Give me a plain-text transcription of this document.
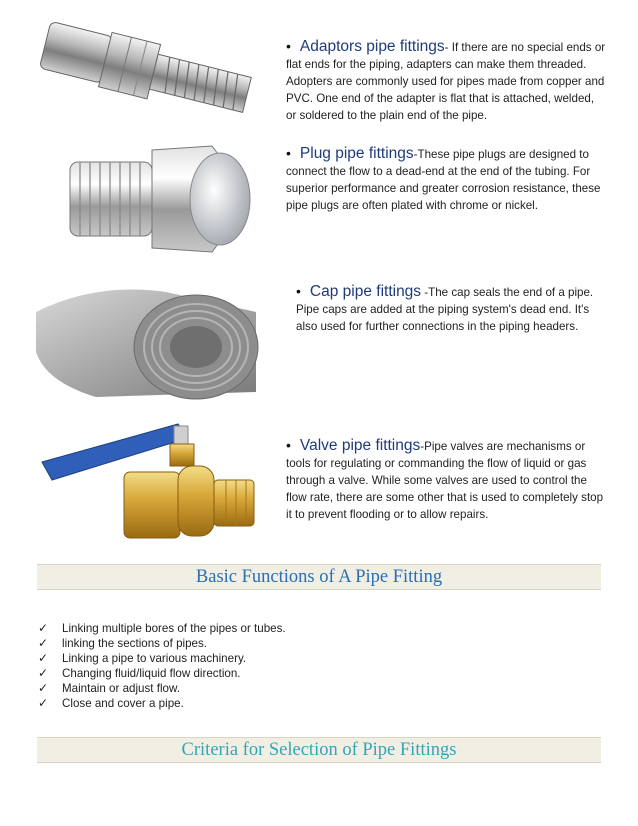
• Adaptors pipe fittings- If there are no special ends or flat ends for the piping, adapters can make them threaded. Adopters are commonly used for pipes made from copper and PVC. One end of the adapter is flat that is attached, welded, or soldered to the plain end of the pipe.
• Plug pipe fittings-These pipe plugs are designed to connect the flow to a dead-end at the end of the tubing. For superior performance and greater corrosion resistance, these pipe plugs are often plated with chrome or nickel.
• Cap pipe fittings -The cap seals the end of a pipe. Pipe caps are added at the piping system's dead end. It's also used for further connections in the piping headers.
• Valve pipe fittings-Pipe valves are mechanisms or tools for regulating or commanding the flow of liquid or gas through a valve. While some valves are used to control the flow rate, there are some other that is used to completely stop it to prevent flooding or to allow repairs.
Basic Functions of A Pipe Fitting
✓	Linking multiple bores of the pipes or tubes.
✓	linking the sections of pipes.
✓	Linking a pipe to various machinery.
✓	Changing fluid/liquid flow direction.
✓	Maintain or adjust flow.
✓	Close and cover a pipe.
Criteria for Selection of Pipe Fittings
